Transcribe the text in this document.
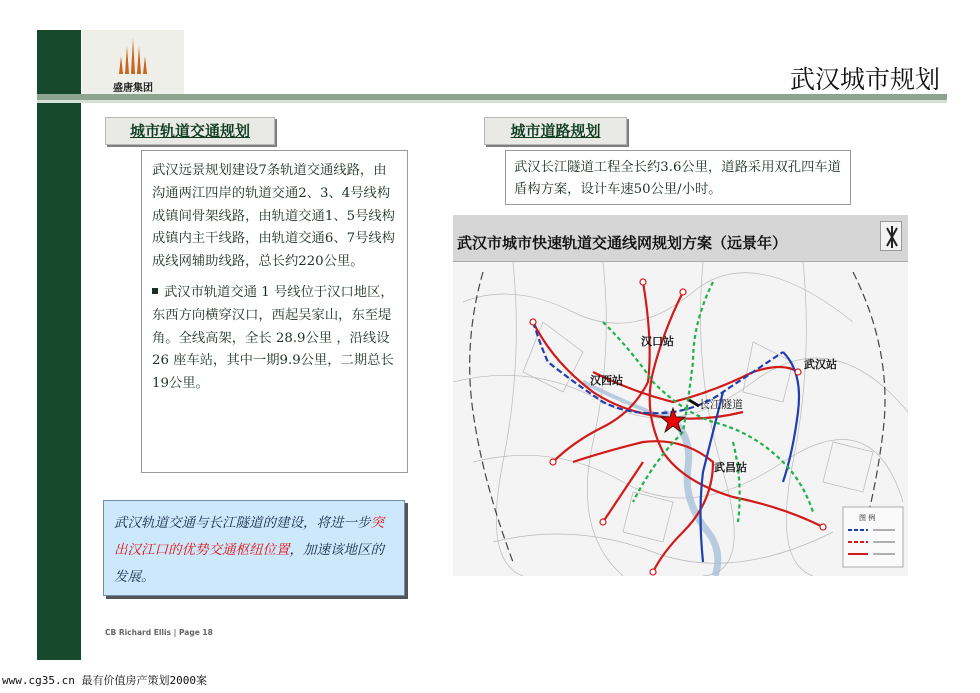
盛唐集团	武汉城市规划
城市轨道交通规划	城市道路规划

武汉远景规划建设7条轨道交通线路，由沟通两江四岸的轨道交通2、3、4号线构成镇间骨架线路，由轨道交通1、5号线构成镇内主干线路，由轨道交通6、7号线构成线网辅助线路，总长约220公里。

武汉市轨道交通 1 号线位于汉口地区，东西方向横穿汉口，西起吴家山，东至堤角。全线高架，全长 28.9公里 ，沿线设 26 座车站，其中一期9.9公里，二期总长19公里。

武汉长江隧道工程全长约3.6公里，道路采用双孔四车道盾构方案，设计车速50公里/小时。

武汉轨道交通与长江隧道的建设，将进一步突出汉江口的优势交通枢纽位置，加速该地区的发展。
武汉市城市快速轨道交通线网规划方案（远景年）
汉口站
汉西站
长江隧道
武汉站
武昌站
图 例
CB Richard Ellis | Page 18
www.cg35.cn 最有价值房产策划2000案
